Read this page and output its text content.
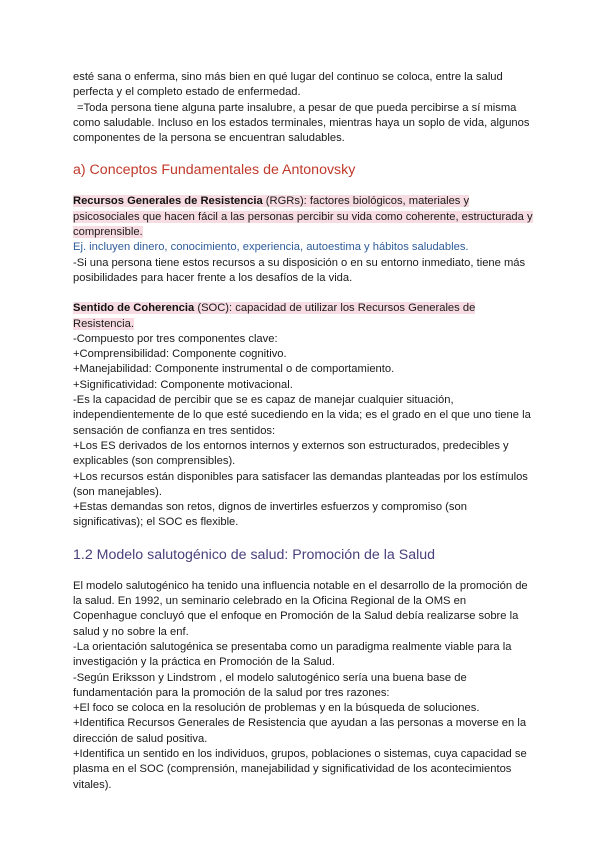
esté sana o enferma, sino más bien en qué lugar del continuo se coloca, entre la salud perfecta y el completo estado de enfermedad.

=Toda persona tiene alguna parte insalubre, a pesar de que pueda percibirse a sí misma como saludable. Incluso en los estados terminales, mientras haya un soplo de vida, algunos componentes de la persona se encuentran saludables.

a) Conceptos Fundamentales de Antonovsky

Recursos Generales de Resistencia (RGRs): factores biológicos, materiales y psicosociales que hacen fácil a las personas percibir su vida como coherente, estructurada y comprensible.

Ej. incluyen dinero, conocimiento, experiencia, autoestima y hábitos saludables.

-Si una persona tiene estos recursos a su disposición o en su entorno inmediato, tiene más posibilidades para hacer frente a los desafíos de la vida.

Sentido de Coherencia (SOC): capacidad de utilizar los Recursos Generales de Resistencia.

-Compuesto por tres componentes clave:

+Comprensibilidad: Componente cognitivo.

+Manejabilidad: Componente instrumental o de comportamiento.

+Significatividad: Componente motivacional.

-Es la capacidad de percibir que se es capaz de manejar cualquier situación, independientemente de lo que esté sucediendo en la vida; es el grado en el que uno tiene la sensación de confianza en tres sentidos:

+Los ES derivados de los entornos internos y externos son estructurados, predecibles y explicables (son comprensibles).

+Los recursos están disponibles para satisfacer las demandas planteadas por los estímulos (son manejables).

+Estas demandas son retos, dignos de invertirles esfuerzos y compromiso (son significativas); el SOC es flexible.

1.2 Modelo salutogénico de salud: Promoción de la Salud

El modelo salutogénico ha tenido una influencia notable en el desarrollo de la promoción de la salud. En 1992, un seminario celebrado en la Oficina Regional de la OMS en Copenhague concluyó que el enfoque en Promoción de la Salud debía realizarse sobre la salud y no sobre la enf.

-La orientación salutogénica se presentaba como un paradigma realmente viable para la investigación y la práctica en Promoción de la Salud.

-Según Eriksson y Lindstrom , el modelo salutogénico sería una buena base de fundamentación para la promoción de la salud por tres razones:

+El foco se coloca en la resolución de problemas y en la búsqueda de soluciones.

+Identifica Recursos Generales de Resistencia que ayudan a las personas a moverse en la dirección de salud positiva.

+Identifica un sentido en los individuos, grupos, poblaciones o sistemas, cuya capacidad se plasma en el SOC (comprensión, manejabilidad y significatividad de los acontecimientos vitales).
